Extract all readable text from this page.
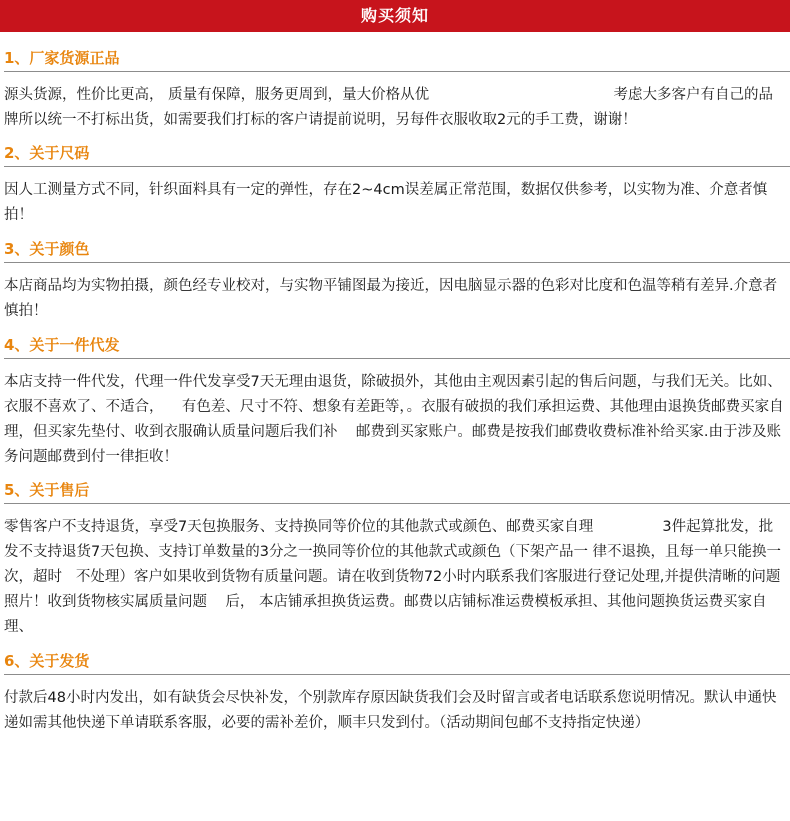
购买须知
1、厂家货源正品

源头货源，性价比更高， 质量有保障，服务更周到，量大价格从优                                        考虑大多客户有自己的品牌所以统一不打标出货，如需要我们打标的客户请提前说明，另每件衣服收取2元的手工费，谢谢！

2、关于尺码

因人工测量方式不同，针织面料具有一定的弹性，存在2~4cm误差属正常范围，数据仅供参考，以实物为准、介意者慎拍！

3、关于颜色

本店商品均为实物拍摄，颜色经专业校对，与实物平铺图最为接近，因电脑显示器的色彩对比度和色温等稍有差异.介意者慎拍！

4、关于一件代发

本店支持一件代发，代理一件代发享受7天无理由退货，除破损外，其他由主观因素引起的售后问题，与我们无关。比如、衣服不喜欢了、不适合，    有色差、尺寸不符、想象有差距等，。衣服有破损的我们承担运费、其他理由退换货邮费买家自理，但买家先垫付、收到衣服确认质量问题后我们补    邮费到买家账户。邮费是按我们邮费收费标准补给买家.由于涉及账务问题邮费到付一律拒收！

5、关于售后

零售客户不支持退货，享受7天包换服务、支持换同等价位的其他款式或颜色、邮费买家自理               3件起算批发，批发不支持退货7天包换、支持订单数量的3分之一换同等价位的其他款式或颜色（下架产品一 律不退换，且每一单只能换一次，超时   不处理）客户如果收到货物有质量问题。请在收到货物72小时内联系我们客服进行登记处理,并提供清晰的问题照片！收到货物核实属质量问题    后， 本店铺承担换货运费。邮费以店铺标准运费模板承担、其他问题换货运费买家自理、

6、关于发货

付款后48小时内发出，如有缺货会尽快补发，个别款库存原因缺货我们会及时留言或者电话联系您说明情况。默认申通快递如需其他快递下单请联系客服，必要的需补差价，顺丰只发到付。（活动期间包邮不支持指定快递）
